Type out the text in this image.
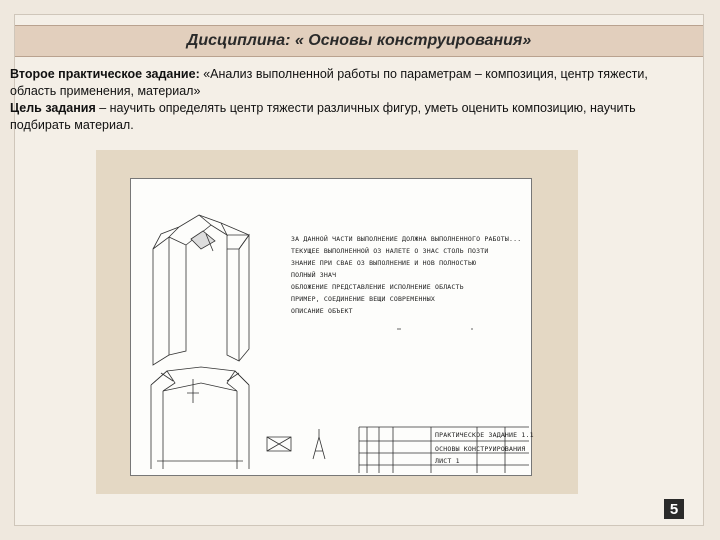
Дисциплина: « Основы конструирования»

Второе практическое задание: «Анализ выполненной работы по параметрам – композиция, центр тяжести, область применения, материал»

Цель задания – научить определять центр тяжести различных фигур, уметь оценить композицию, научить подбирать материал.

ЗА ДАННОЙ ЧАСТИ ВЫПОЛНЕНИЕ ДОЛЖНА ВЫПОЛНЕННОГО РАБОТЫ...
ТЕКУЩЕЕ ВЫПОЛНЕННОЙ ОЗ НАЛЕТЕ О ЗНАС СТОЛЬ ПОЗТИ
ЗНАНИЕ ПРИ СВАЕ ОЗ ВЫПОЛНЕНИЕ И НОВ ПОЛНОСТЬЮ
ПОЛНЫЙ ЗНАЧ
ОБЛОЖЕНИЕ ПРЕДСТАВЛЕНИЕ ИСПОЛНЕНИЕ ОБЛАСТЬ
ПРИМЕР, СОЕДИНЕНИЕ ВЕЩИ СОВРЕМЕННЫХ
ОПИСАНИЕ ОБЪЕКТ
ПРАКТИЧЕСКОЕ ЗАДАНИЕ 1.1
ОСНОВЫ КОНСТРУИРОВАНИЯ
ЛИСТ 1
5
